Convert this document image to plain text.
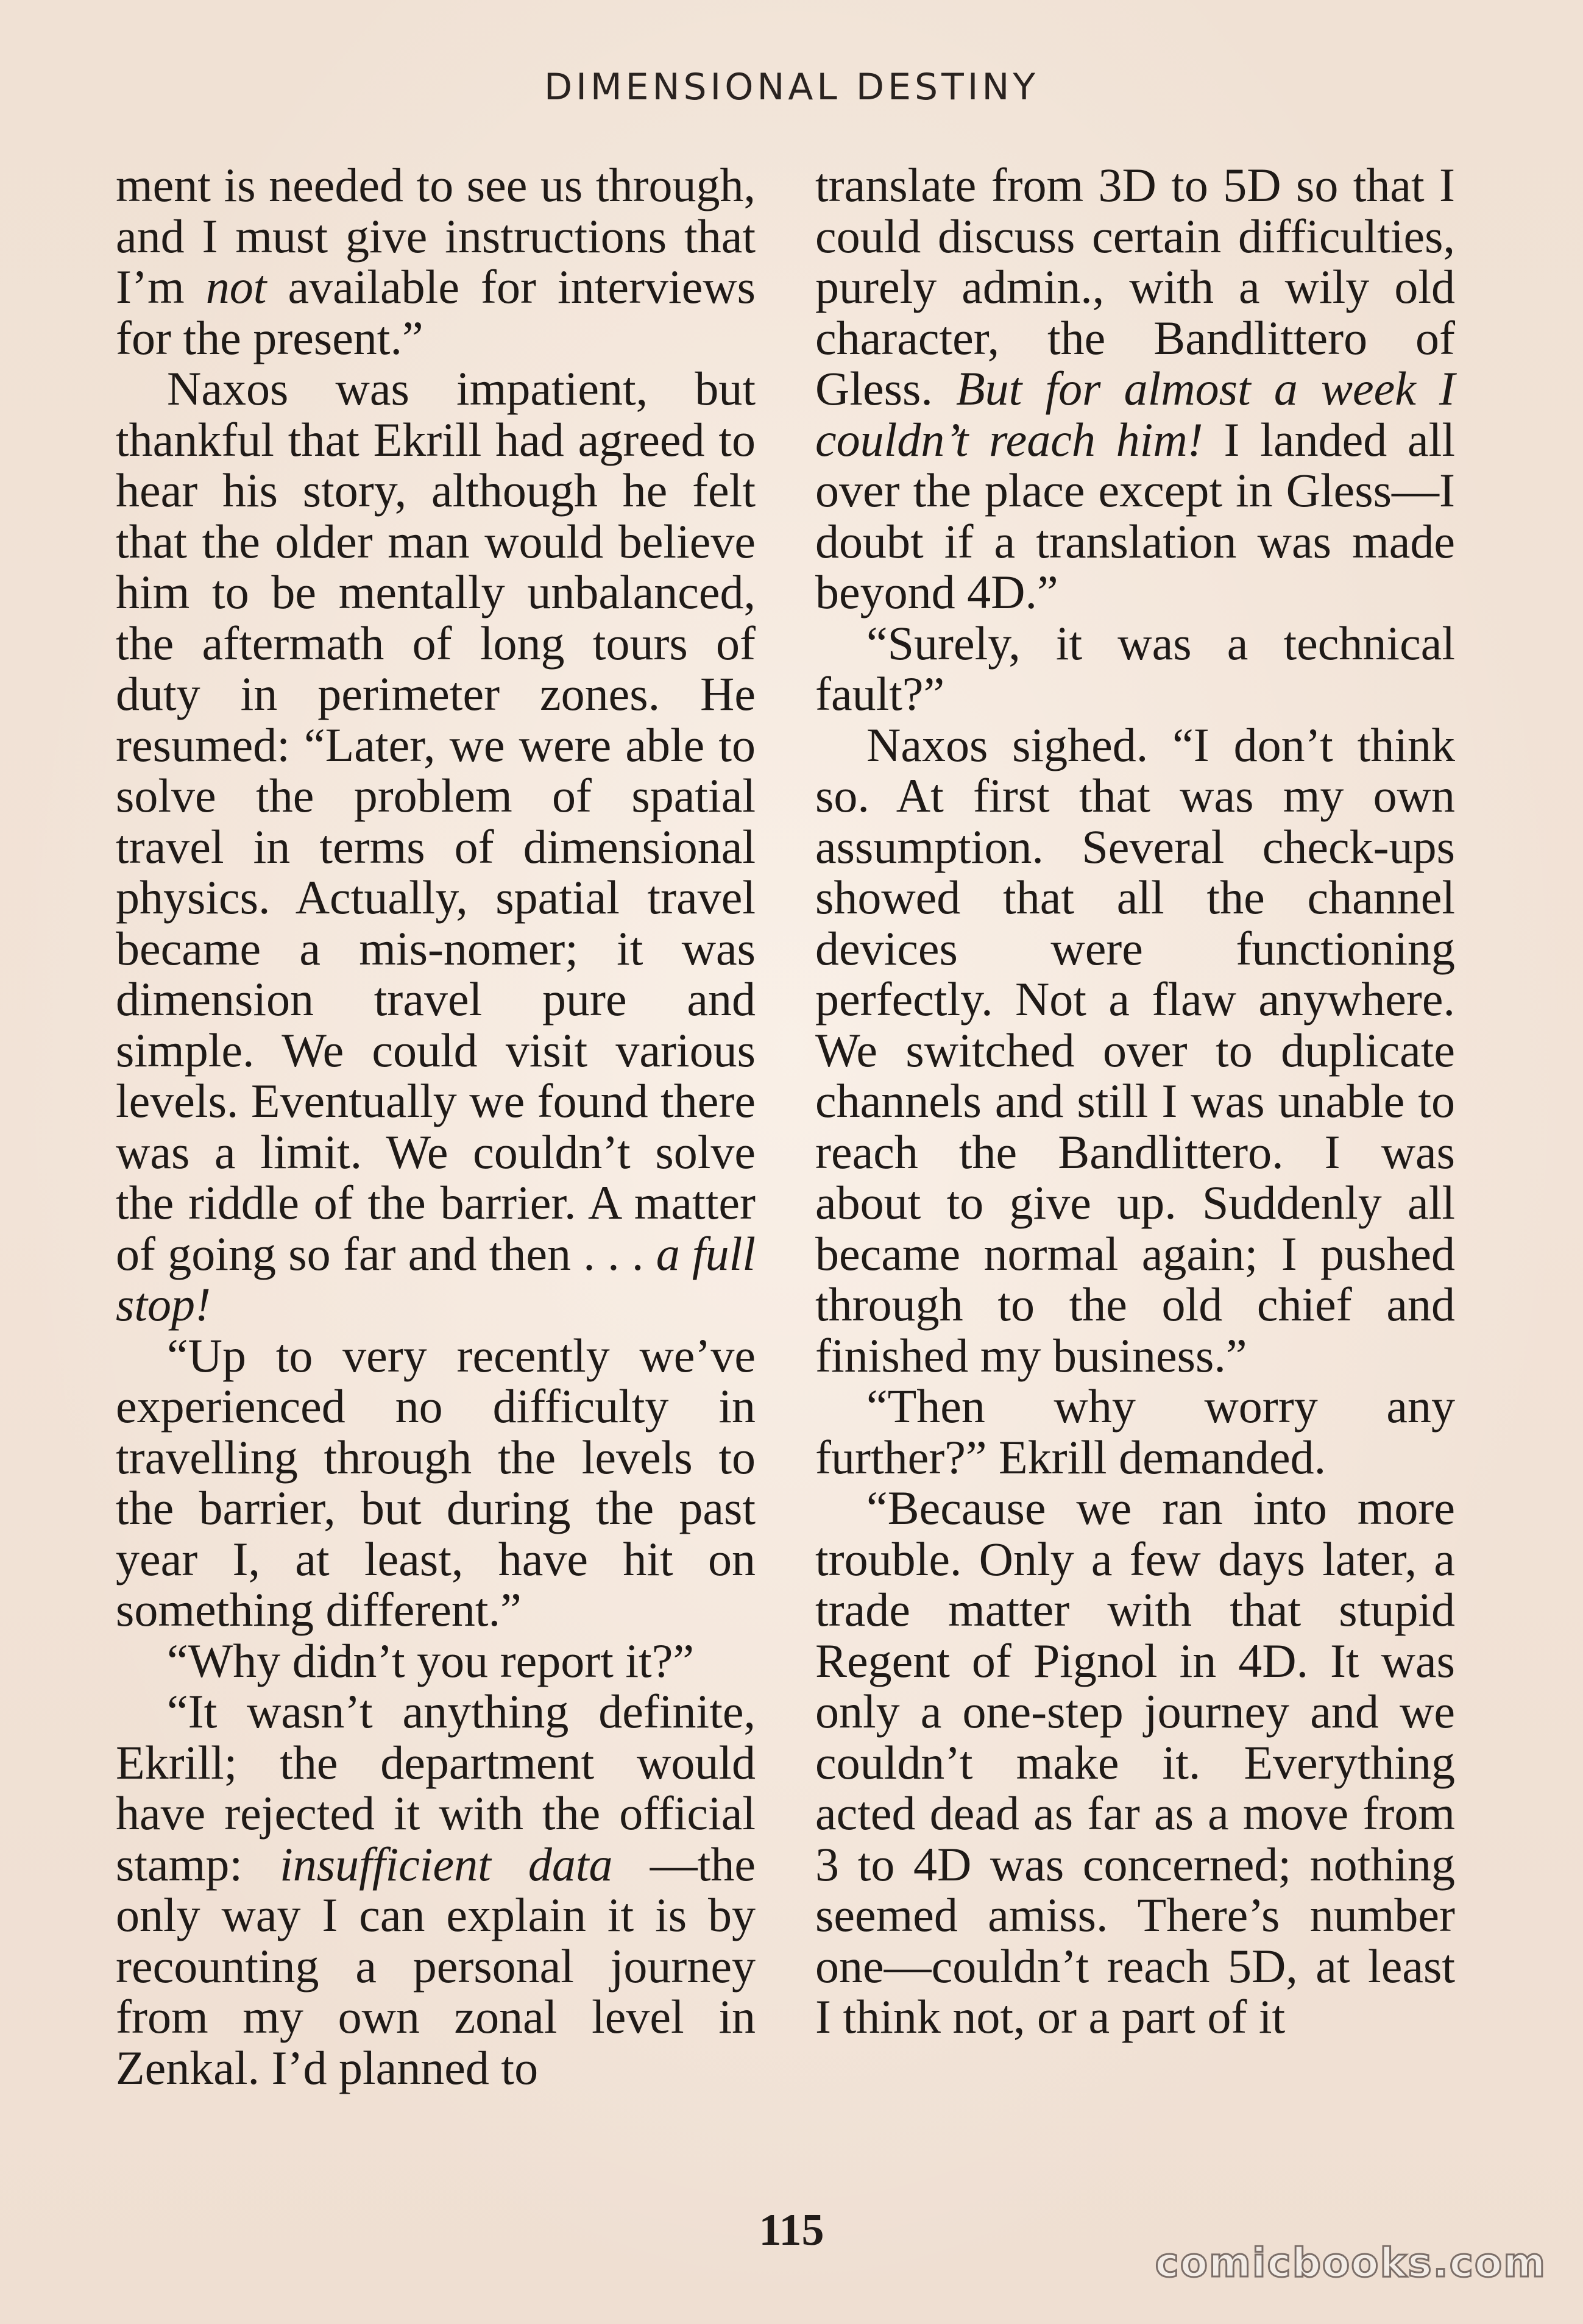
DIMENSIONAL DESTINY

ment is needed to see us through, and I must give instructions that I’m not available for interviews for the present.”

Naxos was impatient, but thankful that Ekrill had agreed to hear his story, although he felt that the older man would believe him to be mentally unbalanced, the aftermath of long tours of duty in perimeter zones. He resumed: “Later, we were able to solve the problem of spatial travel in terms of dimensional physics. Actually, spatial travel became a mis-nomer; it was dimension travel pure and simple. We could visit various levels. Eventually we found there was a limit. We couldn’t solve the riddle of the barrier. A matter of going so far and then . . . a full stop!

“Up to very recently we’ve experienced no difficulty in travelling through the levels to the barrier, but during the past year I, at least, have hit on something different.”

“Why didn’t you report it?”

“It wasn’t anything definite, Ekrill; the department would have rejected it with the official stamp: insufficient data —the only way I can explain it is by recounting a personal journey from my own zonal level in Zenkal. I’d planned to

translate from 3D to 5D so that I could discuss certain difficulties, purely admin., with a wily old character, the Bandlittero of Gless. But for almost a week I couldn’t reach him! I landed all over the place except in Gless—I doubt if a translation was made beyond 4D.”

“Surely, it was a technical fault?”

Naxos sighed. “I don’t think so. At first that was my own assumption. Several check-ups showed that all the channel devices were functioning perfectly. Not a flaw anywhere. We switched over to duplicate channels and still I was unable to reach the Bandlittero. I was about to give up. Suddenly all became normal again; I pushed through to the old chief and finished my business.”

“Then why worry any further?” Ekrill demanded.

“Because we ran into more trouble. Only a few days later, a trade matter with that stupid Regent of Pignol in 4D. It was only a one-step journey and we couldn’t make it. Everything acted dead as far as a move from 3 to 4D was concerned; nothing seemed amiss. There’s number one—couldn’t reach 5D, at least I think not, or a part of it

115
comicbooks.com
